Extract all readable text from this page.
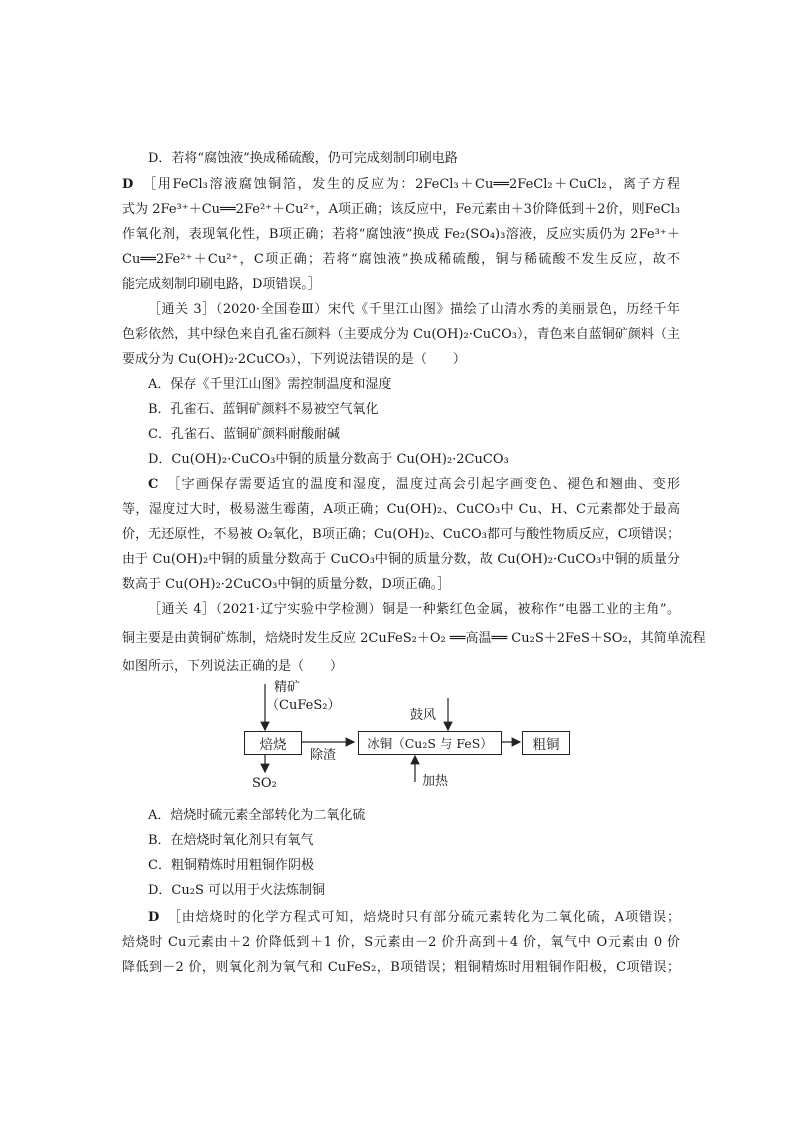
D．若将“腐蚀液”换成稀硫酸，仍可完成刻制印刷电路
D　 ［用FeCl₃溶液腐蚀铜箔，发生的反应为：2FeCl₃＋Cu══2FeCl₂＋CuCl₂，离子方程
式为 2Fe³⁺＋Cu══2Fe²⁺＋Cu²⁺，A项正确；该反应中，Fe元素由＋3价降低到＋2价，则FeCl₃
作氧化剂，表现氧化性，B项正确；若将“腐蚀液”换成 Fe₂(SO₄)₃溶液，反应实质仍为 2Fe³⁺＋
Cu══2Fe²⁺＋Cu²⁺，C项正确；若将“腐蚀液”换成稀硫酸，铜与稀硫酸不发生反应，故不
能完成刻制印刷电路，D项错误。］
［通关 3］（2020·全国卷Ⅲ）宋代《千里江山图》描绘了山清水秀的美丽景色，历经千年
色彩依然，其中绿色来自孔雀石颜料（主要成分为 Cu(OH)₂·CuCO₃），青色来自蓝铜矿颜料（主
要成分为 Cu(OH)₂·2CuCO₃），下列说法错误的是（　　）
A．保存《千里江山图》需控制温度和湿度
B．孔雀石、蓝铜矿颜料不易被空气氧化
C．孔雀石、蓝铜矿颜料耐酸耐碱
D．Cu(OH)₂·CuCO₃中铜的质量分数高于 Cu(OH)₂·2CuCO₃
C　 ［字画保存需要适宜的温度和湿度，温度过高会引起字画变色、褪色和翘曲、变形
等，湿度过大时，极易滋生霉菌，A项正确；Cu(OH)₂、CuCO₃中 Cu、H、C元素都处于最高
价，无还原性，不易被 O₂氧化，B项正确；Cu(OH)₂、CuCO₃都可与酸性物质反应，C项错误；
由于 Cu(OH)₂中铜的质量分数高于 CuCO₃中铜的质量分数，故 Cu(OH)₂·CuCO₃中铜的质量分
数高于 Cu(OH)₂·2CuCO₃中铜的质量分数，D项正确。］
［通关 4］（2021·辽宁实验中学检测）铜是一种紫红色金属，被称作“电器工业的主角”。
铜主要是由黄铜矿炼制，焙烧时发生反应 2CuFeS₂＋O₂ ══高温══ Cu₂S＋2FeS＋SO₂，其简单流程
如图所示，下列说法正确的是（　　）
精矿
（CuFeS₂）
焙烧
SO₂
除渣
鼓风
冰铜（Cu₂S 与 FeS）
加热
粗铜
A．焙烧时硫元素全部转化为二氧化硫
B．在焙烧时氧化剂只有氧气
C．粗铜精炼时用粗铜作阴极
D．Cu₂S 可以用于火法炼制铜
D　 ［由焙烧时的化学方程式可知，焙烧时只有部分硫元素转化为二氧化硫，A项错误；
焙烧时 Cu元素由＋2 价降低到＋1 价，S元素由－2 价升高到＋4 价，氧气中 O元素由 0 价
降低到－2 价，则氧化剂为氧气和 CuFeS₂，B项错误；粗铜精炼时用粗铜作阳极，C项错误；
